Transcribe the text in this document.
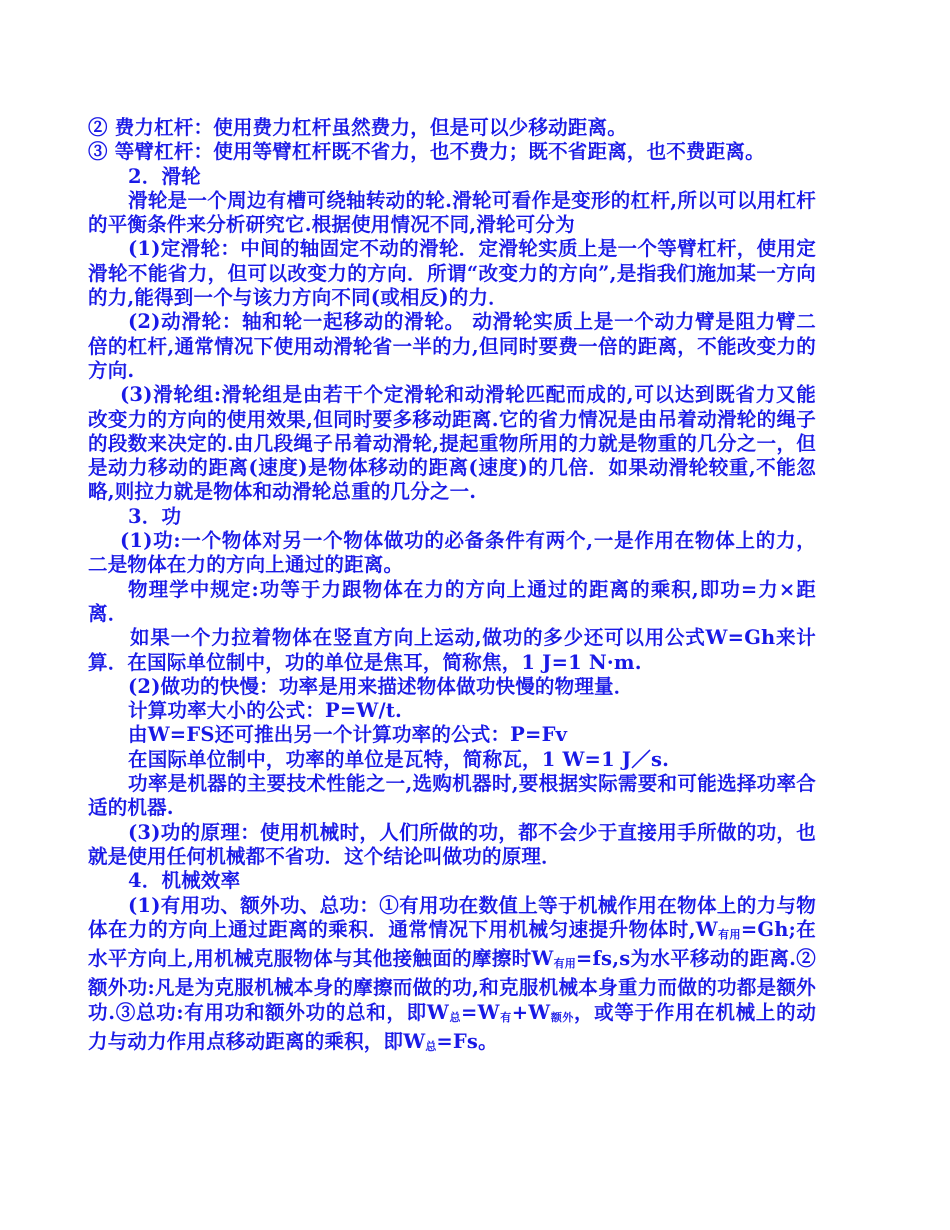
② 费力杠杆：使用费力杠杆虽然费力，但是可以少移动距离。

③ 等臂杠杆：使用等臂杠杆既不省力，也不费力；既不省距离，也不费距离。

2．滑轮

滑轮是一个周边有槽可绕轴转动的轮.滑轮可看作是变形的杠杆,所以可以用杠杆的平衡条件来分析研究它.根据使用情况不同,滑轮可分为

(1)定滑轮：中间的轴固定不动的滑轮．定滑轮实质上是一个等臂杠杆，使用定滑轮不能省力，但可以改变力的方向．所谓“改变力的方向”,是指我们施加某一方向的力,能得到一个与该力方向不同(或相反)的力．

(2)动滑轮：轴和轮一起移动的滑轮。 动滑轮实质上是一个动力臂是阻力臂二倍的杠杆,通常情况下使用动滑轮省一半的力,但同时要费一倍的距离，不能改变力的方向.

(3)滑轮组:滑轮组是由若干个定滑轮和动滑轮匹配而成的,可以达到既省力又能改变力的方向的使用效果,但同时要多移动距离.它的省力情况是由吊着动滑轮的绳子的段数来决定的.由几段绳子吊着动滑轮,提起重物所用的力就是物重的几分之一，但是动力移动的距离(速度)是物体移动的距离(速度)的几倍．如果动滑轮较重,不能忽略,则拉力就是物体和动滑轮总重的几分之一.

3．功

(1)功:一个物体对另一个物体做功的必备条件有两个,一是作用在物体上的力，二是物体在力的方向上通过的距离。

物理学中规定:功等于力跟物体在力的方向上通过的距离的乘积,即功=力×距离．

如果一个力拉着物体在竖直方向上运动,做功的多少还可以用公式W=Gh来计算．在国际单位制中，功的单位是焦耳，简称焦，1 J=1 N·m.

(2)做功的快慢：功率是用来描述物体做功快慢的物理量．

计算功率大小的公式：P=W/t.

由W=FS还可推出另一个计算功率的公式：P=Fv

在国际单位制中，功率的单位是瓦特，简称瓦，1 W=1 J／s.

功率是机器的主要技术性能之一,选购机器时,要根据实际需要和可能选择功率合适的机器.

(3)功的原理：使用机械时，人们所做的功，都不会少于直接用手所做的功，也就是使用任何机械都不省功．这个结论叫做功的原理．

4．机械效率

(1)有用功、额外功、总功：①有用功在数值上等于机械作用在物体上的力与物体在力的方向上通过距离的乘积．通常情况下用机械匀速提升物体时,W有用=Gh;在水平方向上,用机械克服物体与其他接触面的摩擦时W有用=fs,s为水平移动的距离.②额外功:凡是为克服机械本身的摩擦而做的功,和克服机械本身重力而做的功都是额外功.③总功:有用功和额外功的总和，即W总=W有+W额外，或等于作用在机械上的动力与动力作用点移动距离的乘积，即W总=Fs。
